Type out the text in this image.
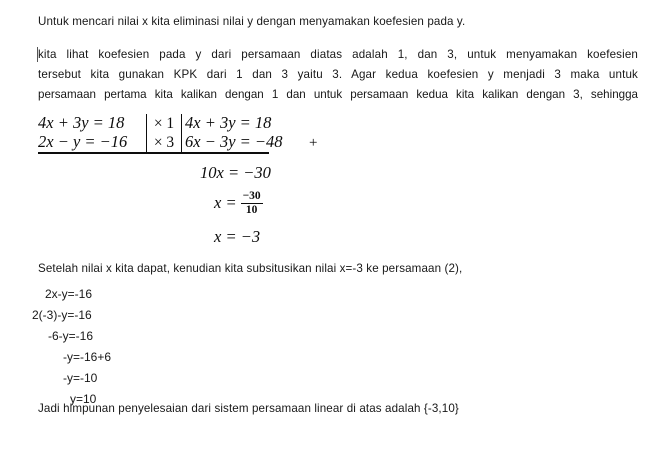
Untuk mencari nilai x kita eliminasi nilai y dengan menyamakan koefesien pada y.
kita lihat koefesien pada y dari persamaan diatas adalah 1, dan 3, untuk menyamakan koefesien
tersebut kita gunakan KPK dari 1 dan 3 yaitu 3. Agar kedua koefesien y menjadi 3 maka untuk
persamaan pertama kita kalikan dengan 1 dan untuk persamaan kedua kita kalikan dengan 3, sehingga
4x + 3y = 18	× 1 4x + 3y = 18
2x − y = −16	× 3 6x − 3y = −48	+
10x = −30
$x = \frac{-30}{10}$
x = −3
Setelah nilai x kita dapat, kenudian kita subsitusikan nilai x=-3 ke persamaan (2),
2x-y=-16
2(-3)-y=-16
-6-y=-16
-y=-16+6
-y=-10
y=10
Jadi himpunan penyelesaian dari sistem persamaan linear di atas adalah {-3,10}
